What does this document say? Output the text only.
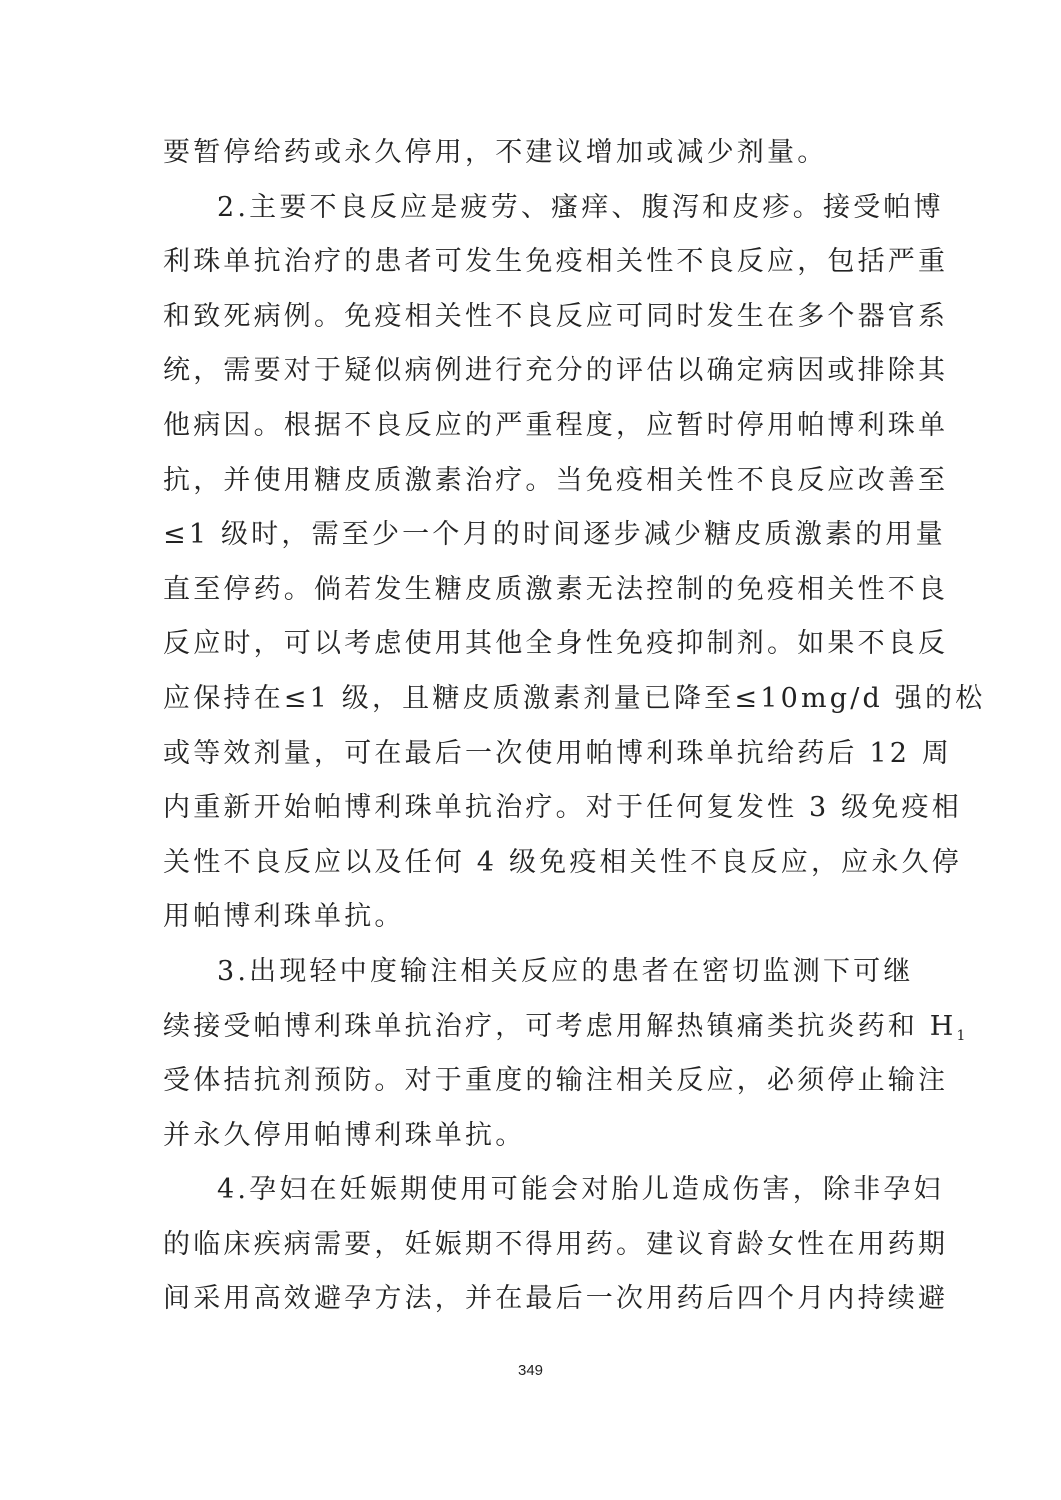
要暂停给药或永久停用，不建议增加或减少剂量。
2.主要不良反应是疲劳、瘙痒、腹泻和皮疹。接受帕博
利珠单抗治疗的患者可发生免疫相关性不良反应，包括严重
和致死病例。免疫相关性不良反应可同时发生在多个器官系
统，需要对于疑似病例进行充分的评估以确定病因或排除其
他病因。根据不良反应的严重程度，应暂时停用帕博利珠单
抗，并使用糖皮质激素治疗。当免疫相关性不良反应改善至
≤1 级时，需至少一个月的时间逐步减少糖皮质激素的用量
直至停药。倘若发生糖皮质激素无法控制的免疫相关性不良
反应时，可以考虑使用其他全身性免疫抑制剂。如果不良反
应保持在≤1 级，且糖皮质激素剂量已降至≤10mg/d 强的松
或等效剂量，可在最后一次使用帕博利珠单抗给药后 12 周
内重新开始帕博利珠单抗治疗。对于任何复发性 3 级免疫相
关性不良反应以及任何 4 级免疫相关性不良反应，应永久停
用帕博利珠单抗。
3.出现轻中度输注相关反应的患者在密切监测下可继
续接受帕博利珠单抗治疗，可考虑用解热镇痛类抗炎药和 $H_1$
受体拮抗剂预防。对于重度的输注相关反应，必须停止输注
并永久停用帕博利珠单抗。
4.孕妇在妊娠期使用可能会对胎儿造成伤害，除非孕妇
的临床疾病需要，妊娠期不得用药。建议育龄女性在用药期
间采用高效避孕方法，并在最后一次用药后四个月内持续避
349
